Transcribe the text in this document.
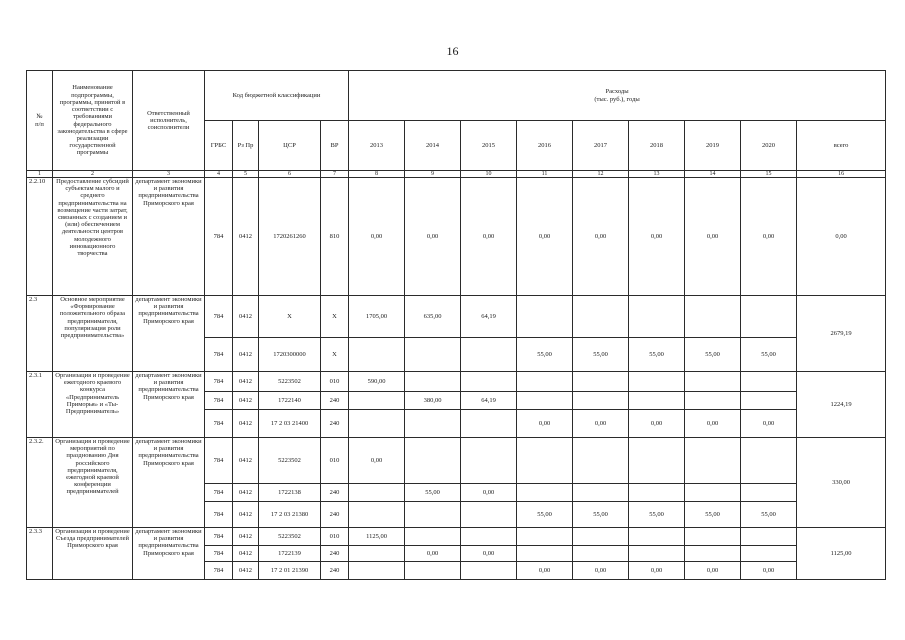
16
№
п/п	Наименование подпрограммы, программы, принятой в соответствии с требованиями федерального законодательства в сфере реализации государственной программы	Ответственный исполнитель, соисполнители	Код бюджетной классификации				Расходы
(тыс. руб.), годы								
			ГРБС	Рз Пр	ЦСР	ВР	2013	2014	2015	2016	2017	2018	2019	2020	всего
1	2	3	4	5	6	7	8	9	10	11	12	13	14	15	16
2.2.10	Предоставление субсидий субъектам малого и среднего предпринимательства на возмещение части затрат, связанных с созданием и (или) обеспечением деятельности центров молодежного инновационного творчества	департамент экономики и развития предпринимательства Приморского края	784	0412	1720261260	810	0,00	0,00	0,00	0,00	0,00	0,00	0,00	0,00	0,00
2.3	Основное мероприятие «Формирование положительного образа предпринимателя, популяризация роли предпринимательства»	департамент экономики и развития предпринимательства Приморского края	784	0412	Х	Х	1705,00	635,00	64,19						2679,19
			784	0412	1720300000	Х				55,00	55,00	55,00	55,00	55,00	
2.3.1	Организация и проведение ежегодного краевого конкурса «Предприниматель Приморья» и «Ты-Предприниматель»	департамент экономики и развития предпринимательства Приморского края	784	0412	5223502	010	590,00								1224,19
			784	0412	1722140	240		380,00	64,19						
			784	0412	17 2 03 21400	240				0,00	0,00	0,00	0,00	0,00	
2.3.2.	Организация и проведение мероприятий по празднованию Дня российского предпринимателя, ежегодной краевой конференции предпринимателей	департамент экономики и развития предпринимательства Приморского края	784	0412	5223502	010	0,00								330,00
			784	0412	1722138	240		55,00	0,00						
			784	0412	17 2 03 21380	240				55,00	55,00	55,00	55,00	55,00	
2.3.3	Организация и проведение Съезда предпринимателей Приморского края	департамент экономики и развития предпринимательства Приморского края	784	0412	5223502	010	1125,00								1125,00
			784	0412	1722139	240		0,00	0,00						
			784	0412	17 2 01 21390	240				0,00	0,00	0,00	0,00	0,00	
